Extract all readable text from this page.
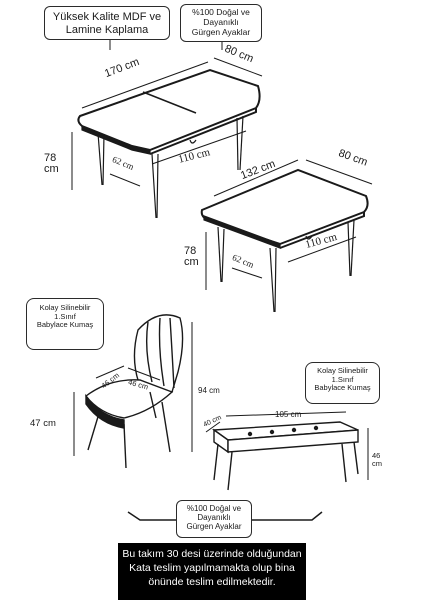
Yüksek Kalite MDF ve
Lamine Kaplama
%100 Doğal ve
Dayanıklı
Gürgen Ayaklar
Kolay Silinebilir
1.Sınıf
Babylace Kumaş
Kolay Silinebilir
1.Sınıf
Babylace Kumaş
%100 Doğal ve
Dayanıklı
Gürgen Ayaklar
170 cm
80 cm
110 cm
62 cm
78
cm	132 cm	80 cm
110 cm
62 cm
78
cm
46 cm 46 cm	94 cm
47 cm	40 cm	105 cm
46
cm
Bu takım 30 desi üzerinde olduğundan
Kata teslim yapılmamakta olup bina
önünde teslim edilmektedir.
